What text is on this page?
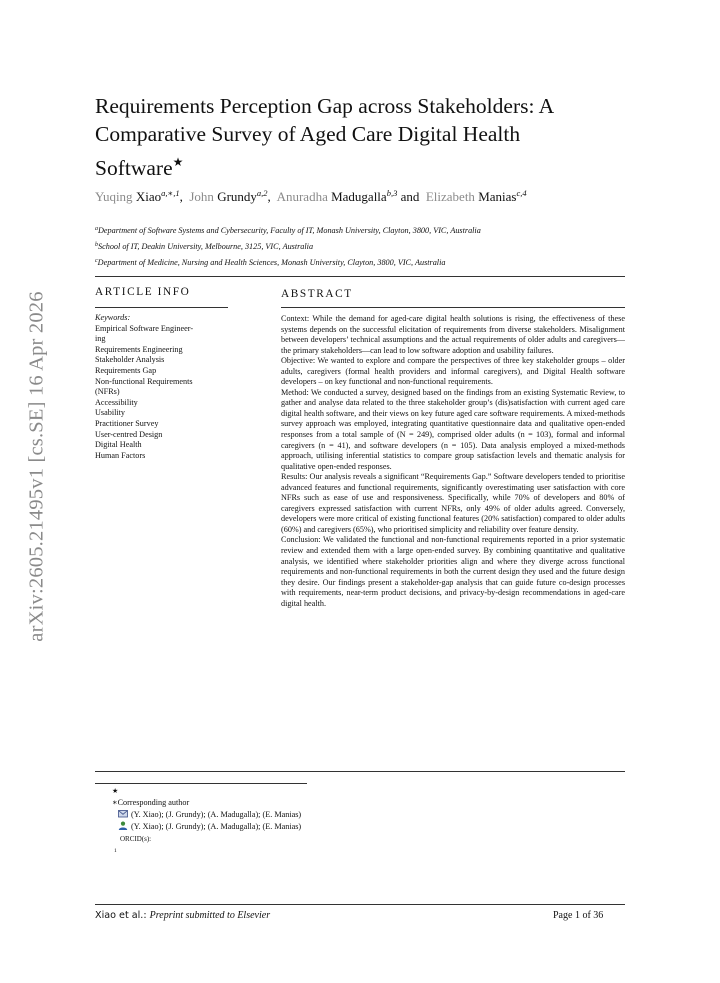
arXiv:2605.21495v1 [cs.SE] 16 Apr 2026
Requirements Perception Gap across Stakeholders: A
Comparative Survey of Aged Care Digital Health
Software★
Yuqing Xiao$^{a,∗,1}$, John Grundy$^{a,2}$, Anuradha Madugalla$^{b,3}$ and Elizabeth Manias$^{c,4}$
$^a$Department of Software Systems and Cybersecurity, Faculty of IT, Monash University, Clayton, 3800, VIC, Australia
$^b$School of IT, Deakin University, Melbourne, 3125, VIC, Australia
$^c$Department of Medicine, Nursing and Health Sciences, Monash University, Clayton, 3800, VIC, Australia
ARTICLE INFO	ABSTRACT
Keywords:
Empirical Software Engineer-
ing
Requirements Engineering
Stakeholder Analysis
Requirements Gap
Non-functional Requirements
(NFRs)
Accessibility
Usability
Practitioner Survey
User-centred Design
Digital Health
Human Factors

Context: While the demand for aged-care digital health solutions is rising, the effectiveness of these systems depends on the successful elicitation of requirements from diverse stakeholders. Misalignment between developers’ technical assumptions and the actual requirements of older adults and caregivers—the primary stakeholders—can lead to low software adoption and usability failures.

Objective: We wanted to explore and compare the perspectives of three key stakeholder groups – older adults, caregivers (formal health providers and informal caregivers), and Digital Health software developers – on key functional and non-functional requirements.

Method: We conducted a survey, designed based on the findings from an existing Systematic Review, to gather and analyse data related to the three stakeholder group’s (dis)satisfaction with current aged care digital health software, and their views on key future aged care software requirements. A mixed-methods survey approach was employed, integrating quantitative questionnaire data and qualitative open-ended responses from a total sample of (N = 249), comprised older adults (n = 103), formal and informal caregivers (n = 41), and software developers (n = 105). Data analysis employed a mixed-methods approach, utilising inferential statistics to compare group satisfaction levels and thematic analysis for qualitative open-ended responses.

Results: Our analysis reveals a significant “Requirements Gap.” Software developers tended to prioritise advanced features and functional requirements, significantly overestimating user satisfaction with core NFRs such as ease of use and responsiveness. Specifically, while 70% of developers and 80% of caregivers expressed satisfaction with current NFRs, only 49% of older adults agreed. Conversely, developers were more critical of existing functional features (20% satisfaction) compared to older adults (60%) and caregivers (65%), who prioritised simplicity and reliability over feature density.

Conclusion: We validated the functional and non-functional requirements reported in a prior systematic review and extended them with a large open-ended survey. By combining quantitative and qualitative analysis, we identified where stakeholder priorities align and where they diverge across functional requirements and non-functional requirements in both the current design they used and the future design they desire. Our findings present a stakeholder-gap analysis that can guide future co-design processes with requirements, near-term product decisions, and privacy-by-design recommendations in aged-care digital health.

★
∗Corresponding author
(Y. Xiao); (J. Grundy); (A. Madugalla); (E. Manias)
(Y. Xiao); (J. Grundy); (A. Madugalla); (E. Manias)
ORCID(s):
1
Xiao et al.: Preprint submitted to Elsevier	Page 1 of 36
